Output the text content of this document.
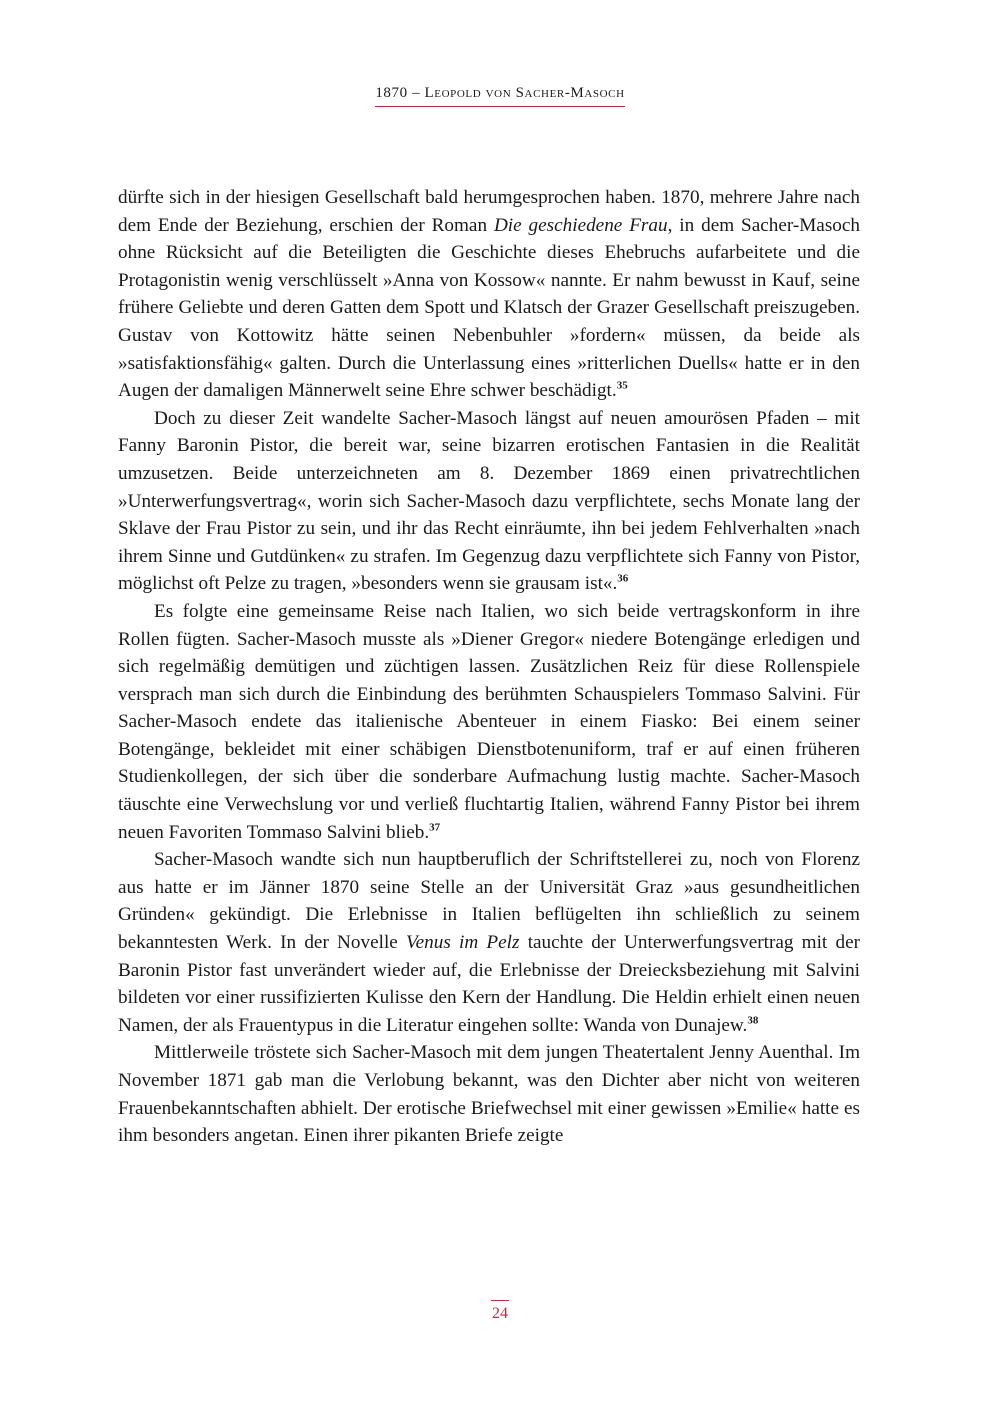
1870 – Leopold von Sacher-Masoch

dürfte sich in der hiesigen Gesellschaft bald herumgesprochen haben. 1870, mehrere Jahre nach dem Ende der Beziehung, erschien der Roman Die geschiedene Frau, in dem Sacher-Masoch ohne Rücksicht auf die Beteiligten die Geschichte dieses Ehebruchs aufarbeitete und die Protagonistin wenig verschlüsselt »Anna von Kossow« nannte. Er nahm bewusst in Kauf, seine frühere Geliebte und deren Gatten dem Spott und Klatsch der Grazer Gesellschaft preiszugeben. Gustav von Kottowitz hätte seinen Nebenbuhler »fordern« müssen, da beide als »satisfaktionsfähig« galten. Durch die Unterlassung eines »ritterlichen Duells« hatte er in den Augen der damaligen Männerwelt seine Ehre schwer beschädigt.$^{35}$

Doch zu dieser Zeit wandelte Sacher-Masoch längst auf neuen amourösen Pfaden – mit Fanny Baronin Pistor, die bereit war, seine bizarren erotischen Fantasien in die Realität umzusetzen. Beide unterzeichneten am 8. Dezember 1869 einen privatrechtlichen »Unterwerfungsvertrag«, worin sich Sacher-Masoch dazu verpflichtete, sechs Monate lang der Sklave der Frau Pistor zu sein, und ihr das Recht einräumte, ihn bei jedem Fehlverhalten »nach ihrem Sinne und Gutdünken« zu strafen. Im Gegenzug dazu verpflichtete sich Fanny von Pistor, möglichst oft Pelze zu tragen, »besonders wenn sie grausam ist«.$^{36}$

Es folgte eine gemeinsame Reise nach Italien, wo sich beide vertragskonform in ihre Rollen fügten. Sacher-Masoch musste als »Diener Gregor« niedere Botengänge erledigen und sich regelmäßig demütigen und züchtigen lassen. Zusätzlichen Reiz für diese Rollenspiele versprach man sich durch die Einbindung des berühmten Schauspielers Tommaso Salvini. Für Sacher-Masoch endete das italienische Abenteuer in einem Fiasko: Bei einem seiner Botengänge, bekleidet mit einer schäbigen Dienstbotenuniform, traf er auf einen früheren Studienkollegen, der sich über die sonderbare Aufmachung lustig machte. Sacher-Masoch täuschte eine Verwechslung vor und verließ fluchtartig Italien, während Fanny Pistor bei ihrem neuen Favoriten Tommaso Salvini blieb.$^{37}$

Sacher-Masoch wandte sich nun hauptberuflich der Schriftstellerei zu, noch von Florenz aus hatte er im Jänner 1870 seine Stelle an der Universität Graz »aus gesundheitlichen Gründen« gekündigt. Die Erlebnisse in Italien beflügelten ihn schließlich zu seinem bekanntesten Werk. In der Novelle Venus im Pelz tauchte der Unterwerfungsvertrag mit der Baronin Pistor fast unverändert wieder auf, die Erlebnisse der Dreiecksbeziehung mit Salvini bildeten vor einer russifizierten Kulisse den Kern der Handlung. Die Heldin erhielt einen neuen Namen, der als Frauentypus in die Literatur eingehen sollte: Wanda von Dunajew.$^{38}$

Mittlerweile tröstete sich Sacher-Masoch mit dem jungen Theatertalent Jenny Auenthal. Im November 1871 gab man die Verlobung bekannt, was den Dichter aber nicht von weiteren Frauenbekanntschaften abhielt. Der erotische Briefwechsel mit einer gewissen »Emilie« hatte es ihm besonders angetan. Einen ihrer pikanten Briefe zeigte

24
